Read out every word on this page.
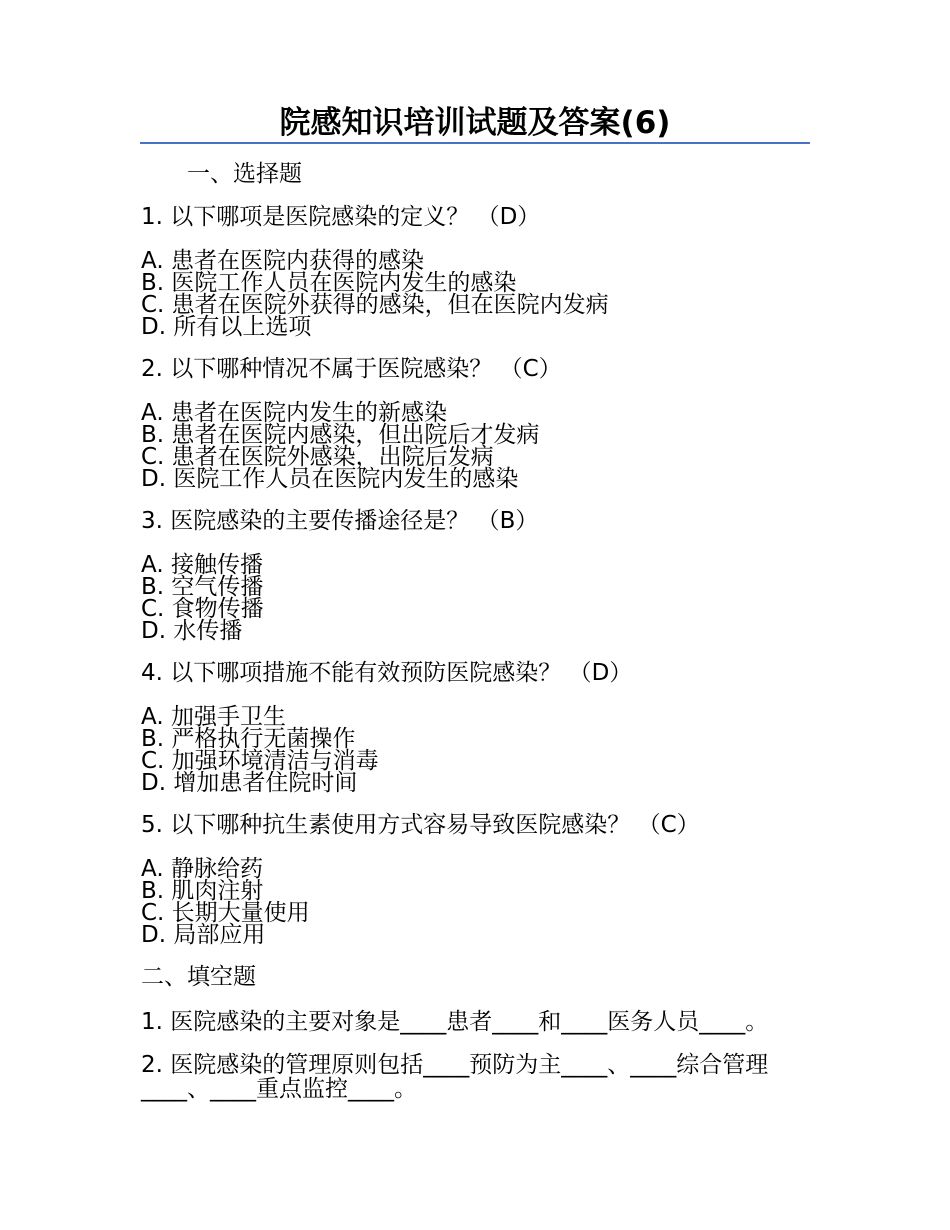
院感知识培训试题及答案(6)
一、选择题
1. 以下哪项是医院感染的定义？ （D）
A. 患者在医院内获得的感染
B. 医院工作人员在医院内发生的感染
C. 患者在医院外获得的感染，但在医院内发病
D. 所有以上选项
2. 以下哪种情况不属于医院感染？ （C）
A. 患者在医院内发生的新感染
B. 患者在医院内感染，但出院后才发病
C. 患者在医院外感染，出院后发病
D. 医院工作人员在医院内发生的感染
3. 医院感染的主要传播途径是？ （B）
A. 接触传播
B. 空气传播
C. 食物传播
D. 水传播
4. 以下哪项措施不能有效预防医院感染？ （D）
A. 加强手卫生
B. 严格执行无菌操作
C. 加强环境清洁与消毒
D. 增加患者住院时间
5. 以下哪种抗生素使用方式容易导致医院感染？ （C）
A. 静脉给药
B. 肌肉注射
C. 长期大量使用
D. 局部应用
二、填空题
1. 医院感染的主要对象是____患者____和____医务人员____。
2. 医院感染的管理原则包括____预防为主____、____综合管理
____、____重点监控____。
